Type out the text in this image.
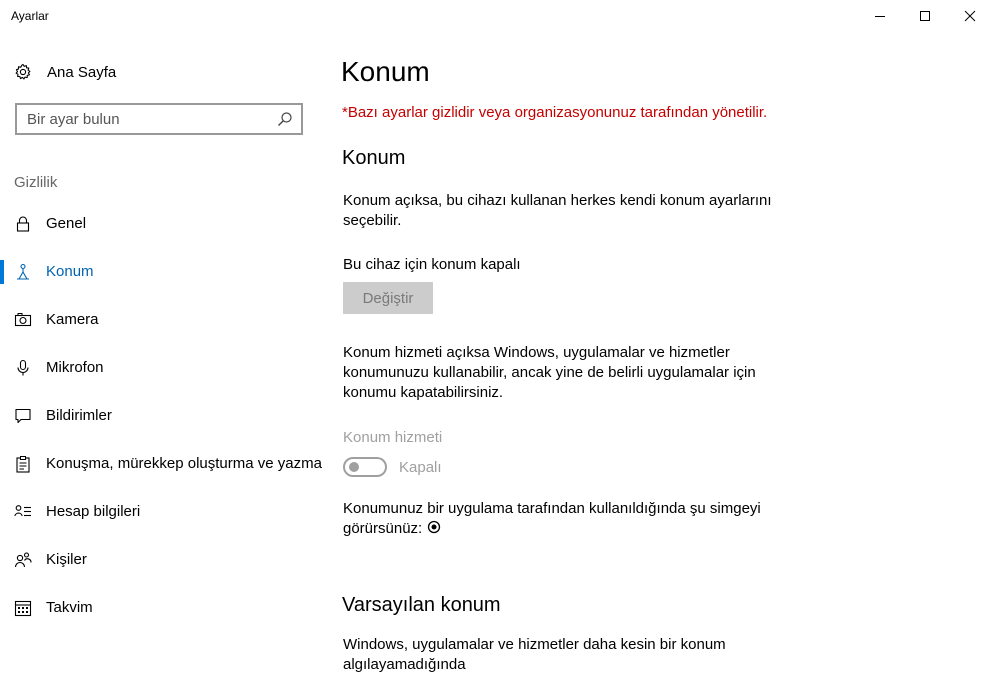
Ayarlar
Ana Sayfa
Bir ayar bulun
Gizlilik
Genel
Konum
Kamera
Mikrofon
Bildirimler
Konuşma, mürekkep oluşturma ve yazma
Hesap bilgileri
Kişiler
Takvim
Konum
*Bazı ayarlar gizlidir veya organizasyonunuz tarafından yönetilir.
Konum
Konum açıksa, bu cihazı kullanan herkes kendi konum ayarlarını
seçebilir.
Bu cihaz için konum kapalı
Değiştir
Konum hizmeti açıksa Windows, uygulamalar ve hizmetler
konumunuzu kullanabilir, ancak yine de belirli uygulamalar için
konumu kapatabilirsiniz.
Konum hizmeti
Kapalı
Konumunuz bir uygulama tarafından kullanıldığında şu simgeyi
görürsünüz:
Varsayılan konum
Windows, uygulamalar ve hizmetler daha kesin bir konum algılayamadığında
